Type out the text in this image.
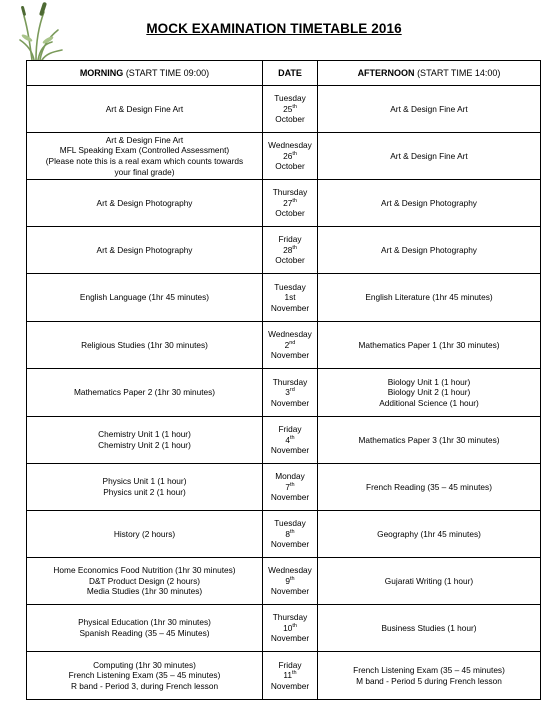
MOCK EXAMINATION TIMETABLE 2016
MORNING (START TIME 09:00)	DATE	AFTERNOON (START TIME 14:00)

Art & Design Fine Art	Tuesday
25th
October	Art & Design Fine Art

Art & Design Fine Art
MFL Speaking Exam (Controlled Assessment)
(Please note this is a real exam which counts towards
your final grade)	Wednesday
26th
October	Art & Design Fine Art

Art & Design Photography	Thursday
27th
October	Art & Design Photography

Art & Design Photography	Friday
28th
October	Art & Design Photography

English Language (1hr 45 minutes)	Tuesday
1st
November	English Literature (1hr 45 minutes)

Religious Studies (1hr 30 minutes)	Wednesday
2nd
November	Mathematics Paper 1 (1hr 30 minutes)

Mathematics Paper 2 (1hr 30 minutes)	Thursday
3rd
November	Biology Unit 1 (1 hour)
Biology Unit 2 (1 hour)
Additional Science (1 hour)

Chemistry Unit 1 (1 hour)
Chemistry Unit 2 (1 hour)	Friday
4th
November	Mathematics Paper 3 (1hr 30 minutes)

Physics Unit 1 (1 hour)
Physics unit 2 (1 hour)	Monday
7th
November	French Reading (35 – 45 minutes)

History (2 hours)	Tuesday
8th
November	Geography (1hr 45 minutes)

Home Economics Food Nutrition (1hr 30 minutes)
D&T Product Design (2 hours)
Media Studies (1hr 30 minutes)	Wednesday
9th
November	Gujarati Writing (1 hour)

Physical Education (1hr 30 minutes)
Spanish Reading (35 – 45 Minutes)	Thursday
10th
November	Business Studies (1 hour)

Computing (1hr 30 minutes)
French Listening Exam (35 – 45 minutes)
R band - Period 3, during French lesson	Friday
11th
November	French Listening Exam (35 – 45 minutes)
M band - Period 5 during French lesson
